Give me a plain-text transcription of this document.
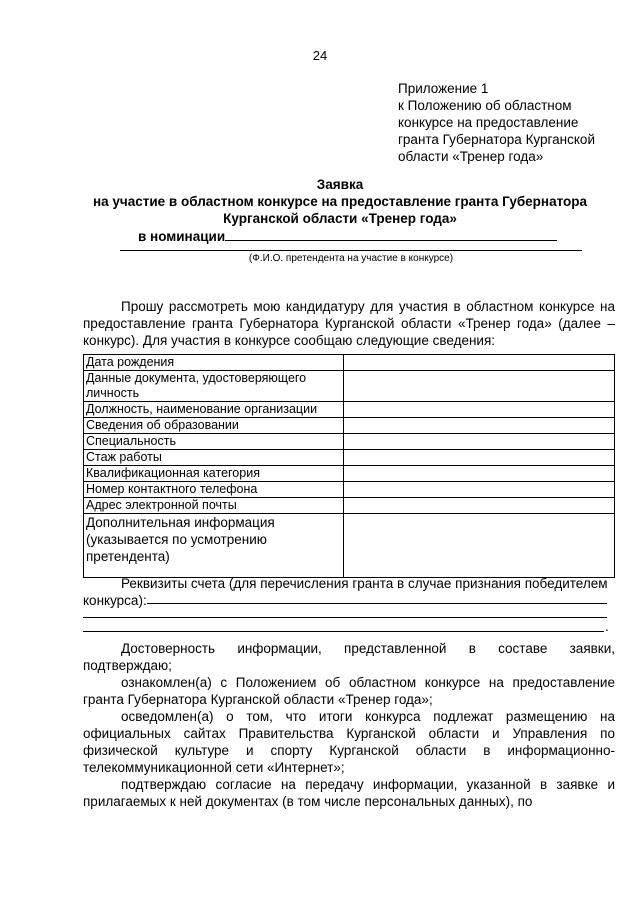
24
Приложение 1
к Положению об областном
конкурсе на предоставление
гранта Губернатора Курганской
области «Тренер года»
Заявка
на участие в областном конкурсе на предоставление гранта Губернатора
Курганской области «Тренер года»
в номинации
(Ф.И.О. претендента на участие в конкурсе)
Прошу рассмотреть мою кандидатуру для участия в областном конкурсе на предоставление гранта Губернатора Курганской области «Тренер года» (далее – конкурс). Для участия в конкурсе сообщаю следующие сведения:
Дата рождения	
Данные документа, удостоверяющего личность	
Должность, наименование организации	
Сведения об образовании	
Специальность	
Стаж работы	
Квалификационная категория	
Номер контактного телефона	
Адрес электронной почты	
Дополнительная информация (указывается по усмотрению претендента)	
Реквизиты счета (для перечисления гранта в случае признания победителем
конкурса):
.
Достоверность информации, представленной в составе заявки, подтверждаю;
ознакомлен(а) с Положением об областном конкурсе на предоставление гранта Губернатора Курганской области «Тренер года»;
осведомлен(а) о том, что итоги конкурса подлежат размещению на официальных сайтах Правительства Курганской области и Управления по физической культуре и спорту Курганской области в информационно-телекоммуникационной сети «Интернет»;
подтверждаю согласие на передачу информации, указанной в заявке и прилагаемых к ней документах (в том числе персональных данных), по
